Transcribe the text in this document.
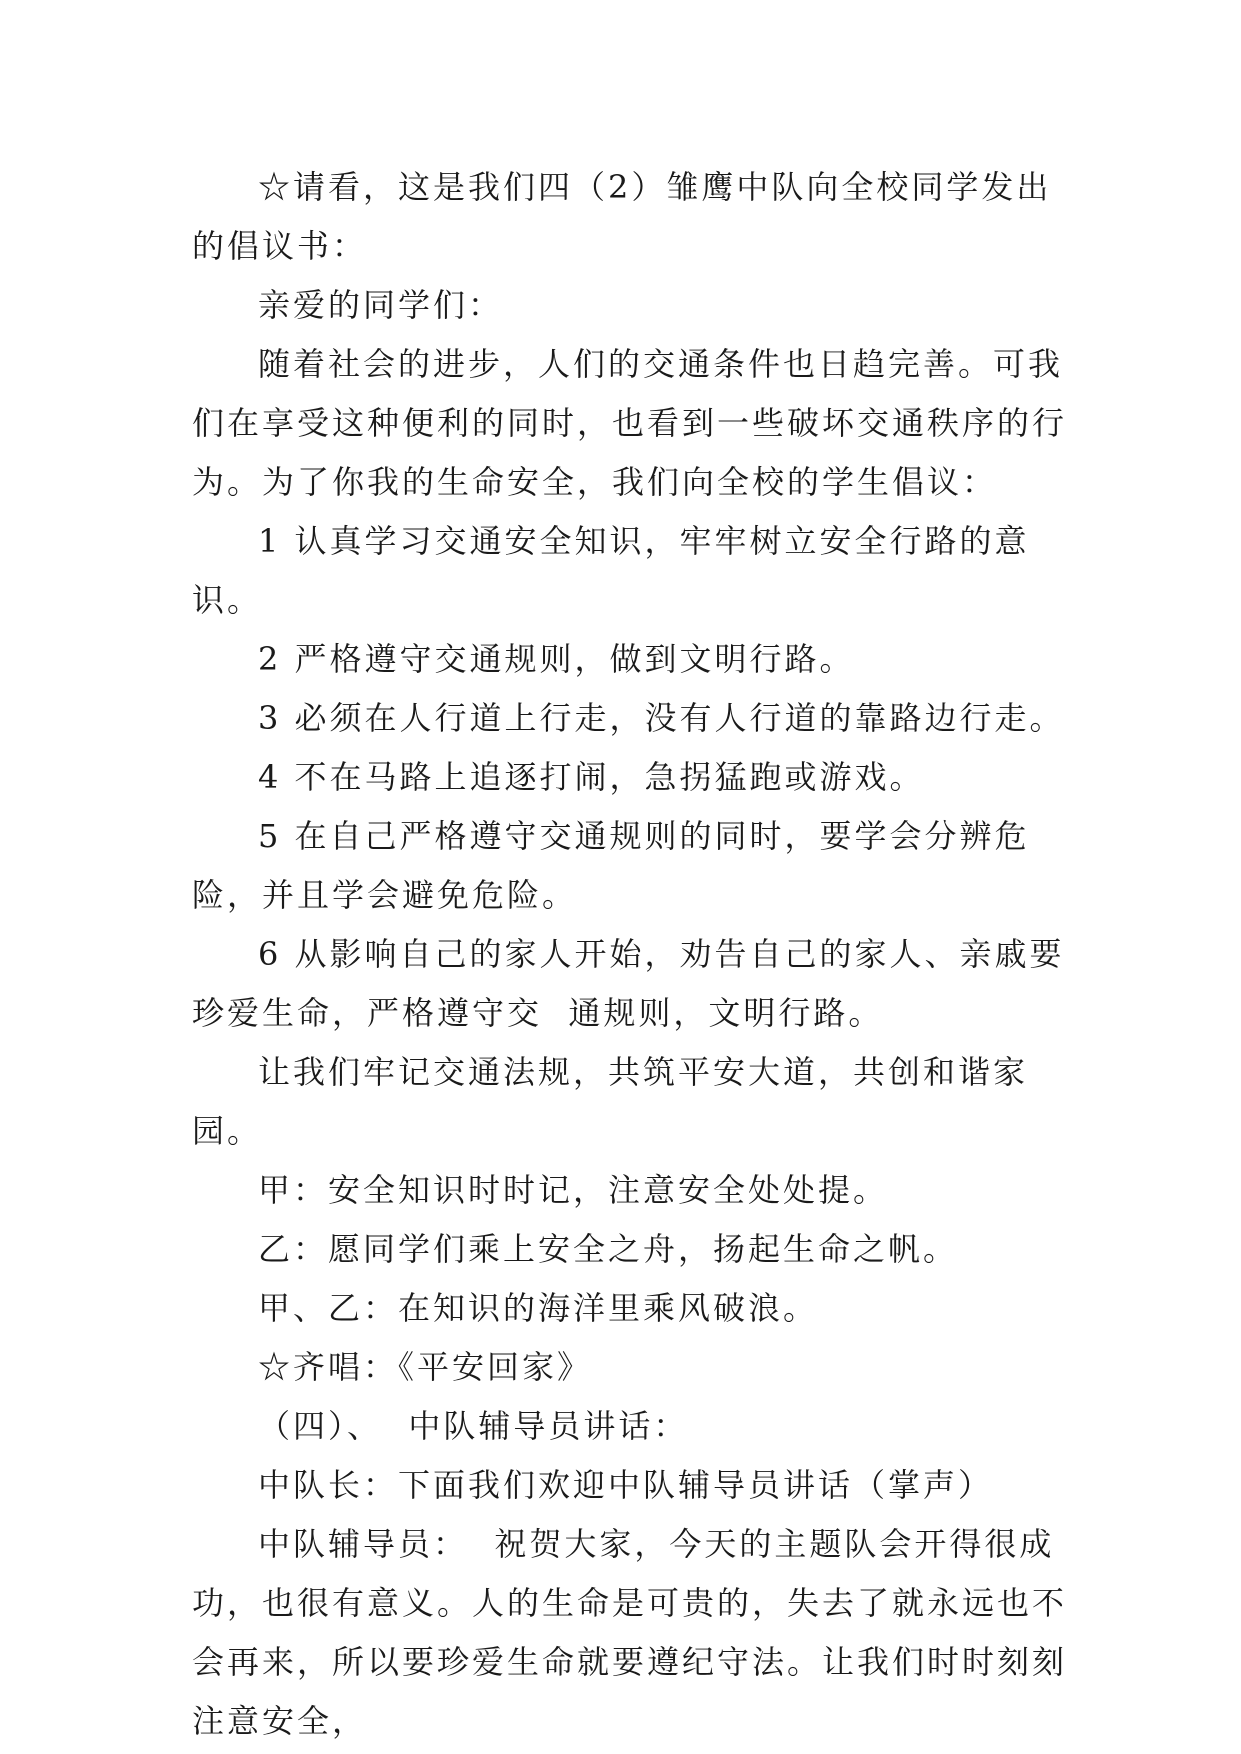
☆请看，这是我们四（2）雏鹰中队向全校同学发出的倡议书：

亲爱的同学们：

随着社会的进步，人们的交通条件也日趋完善。可我们在享受这种便利的同时，也看到一些破坏交通秩序的行为。为了你我的生命安全，我们向全校的学生倡议：

1 认真学习交通安全知识，牢牢树立安全行路的意识。

2 严格遵守交通规则，做到文明行路。

3 必须在人行道上行走，没有人行道的靠路边行走。

4 不在马路上追逐打闹，急拐猛跑或游戏。

5 在自己严格遵守交通规则的同时，要学会分辨危险，并且学会避免危险。

6 从影响自己的家人开始，劝告自己的家人、亲戚要珍爱生命，严格遵守交  通规则，文明行路。

让我们牢记交通法规，共筑平安大道，共创和谐家园。

甲：安全知识时时记，注意安全处处提。

乙：愿同学们乘上安全之舟，扬起生命之帆。

甲、乙：在知识的海洋里乘风破浪。

☆齐唱：《平安回家》

（四）、  中队辅导员讲话：

中队长：下面我们欢迎中队辅导员讲话（掌声）

中队辅导员：  祝贺大家，今天的主题队会开得很成功，也很有意义。人的生命是可贵的，失去了就永远也不会再来，所以要珍爱生命就要遵纪守法。让我们时时刻刻注意安全，
